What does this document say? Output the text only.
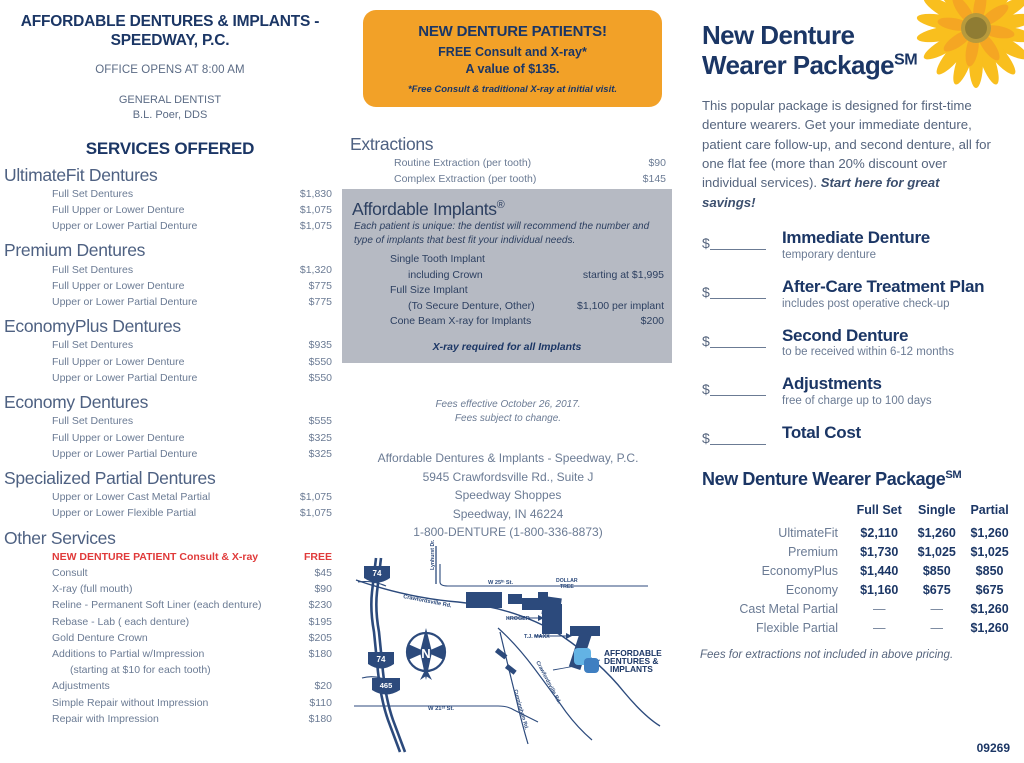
AFFORDABLE DENTURES & IMPLANTS -
SPEEDWAY, P.C.
OFFICE OPENS AT 8:00 AM
GENERAL DENTIST
B.L. Poer, DDS
SERVICES OFFERED
UltimateFit Dentures
Full Set Dentures	$1,830
Full Upper or Lower Denture	$1,075
Upper or Lower Partial Denture	$1,075
Premium Dentures
Full Set Dentures	$1,320
Full Upper or Lower Denture	$775
Upper or Lower Partial Denture	$775
EconomyPlus Dentures
Full Set Dentures	$935
Full Upper or Lower Denture	$550
Upper or Lower Partial Denture	$550
Economy Dentures
Full Set Dentures	$555
Full Upper or Lower Denture	$325
Upper or Lower Partial Denture	$325
Specialized Partial Dentures
Upper or Lower Cast Metal Partial	$1,075
Upper or Lower Flexible Partial	$1,075
Other Services
NEW DENTURE PATIENT Consult & X-ray	FREE
Consult	$45
X-ray (full mouth)	$90
Reline - Permanent Soft Liner (each denture)	$230
Rebase - Lab ( each denture)	$195
Gold Denture Crown	$205
Additions to Partial w/Impression	$180
(starting at $10 for each tooth)
Adjustments	$20
Simple Repair without Impression	$110
Repair with Impression	$180
NEW DENTURE PATIENTS!
FREE Consult and X-ray*
A value of $135.
*Free Consult & traditional X-ray at initial visit.
Extractions
Routine Extraction (per tooth)	$90
Complex Extraction (per tooth)	$145
Affordable Implants®
Each patient is unique: the dentist will recommend the number and type of implants that best fit your individual needs.
Single Tooth Implant
including Crown	starting at $1,995
Full Size Implant
(To Secure Denture, Other)	$1,100 per implant
Cone Beam X-ray for Implants	$200
X-ray required for all Implants
Fees effective October 26, 2017.
Fees subject to change.
Affordable Dentures & Implants - Speedway, P.C.
5945 Crawfordsville Rd., Suite J
Speedway Shoppes
Speedway, IN 46224
1-800-DENTURE (1-800-336-8873)
74
74
465
N
W 25ᵗʰ St.	DOLLAR
TREE
KROGER
T.J. MAXX
W 21ˢᵗ St.
Crawfordsville Rd.
Crawfordsville Rd.
Cunningham Rd.
Lynhurst Dr.
AFFORDABLE
DENTURES &
IMPLANTS
New Denture
Wearer Package℠
This popular package is designed for first-time denture wearers. Get your immediate denture, patient care follow-up, and second denture, all for one flat fee (more than 20% discount over individual services). Start here for great savings!
$	Immediate Denture
temporary denture
$	After-Care Treatment Plan
includes post operative check-up
$	Second Denture
to be received within 6-12 months
$	Adjustments
free of charge up to 100 days
$	Total Cost
New Denture Wearer Package℠
	Full Set	Single	Partial
UltimateFit	$2,110	$1,260	$1,260
Premium	$1,730	$1,025	$1,025
EconomyPlus	$1,440	$850	$850
Economy	$1,160	$675	$675
Cast Metal Partial	—	—	$1,260
Flexible Partial	—	—	$1,260
Fees for extractions not included in above pricing.
09269
